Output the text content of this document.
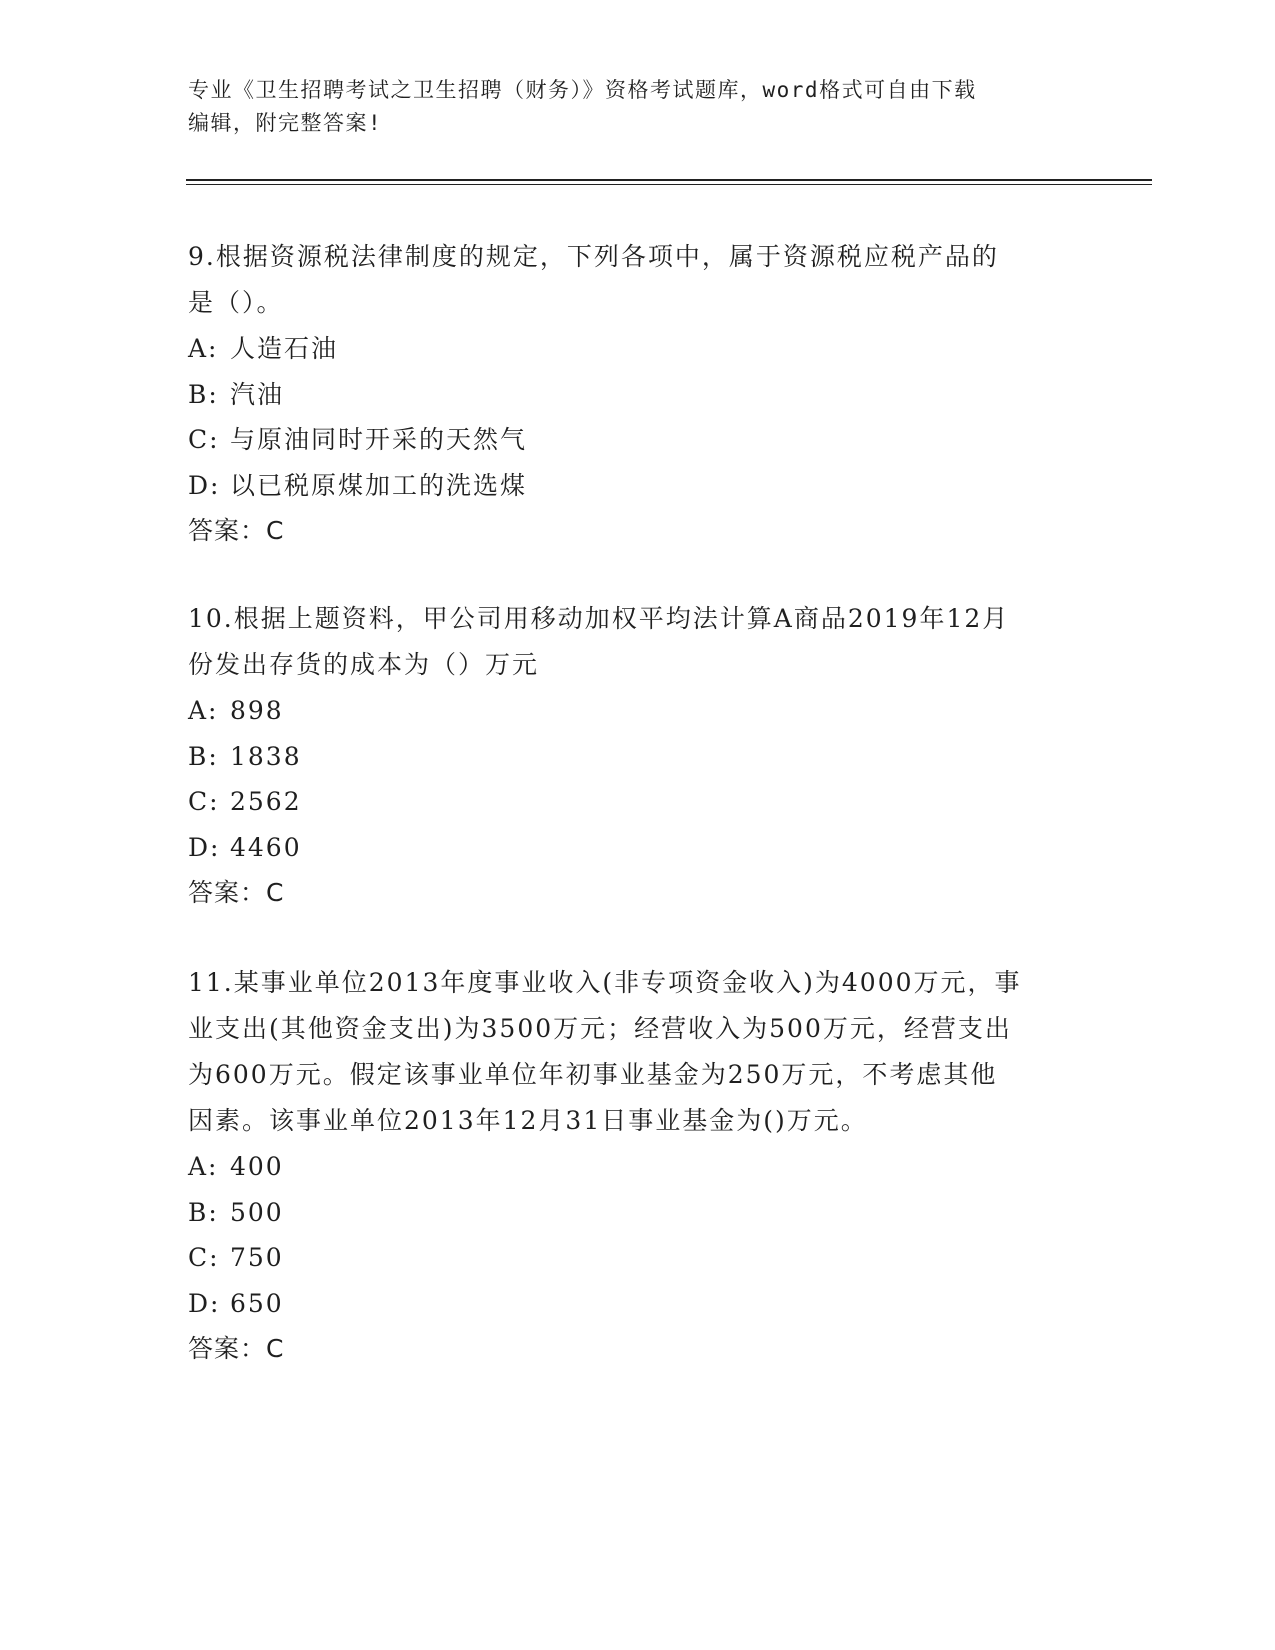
专业《卫生招聘考试之卫生招聘（财务）》资格考试题库，word格式可自由下载
编辑，附完整答案!

9.根据资源税法律制度的规定，下列各项中，属于资源税应税产品的

是（）。

A: 人造石油

B: 汽油

C: 与原油同时开采的天然气

D: 以已税原煤加工的洗选煤

答案：C

10.根据上题资料，甲公司用移动加权平均法计算A商品2019年12月

份发出存货的成本为（）万元

A: 898

B: 1838

C: 2562

D: 4460

答案：C

11.某事业单位2013年度事业收入(非专项资金收入)为4000万元，事

业支出(其他资金支出)为3500万元；经营收入为500万元，经营支出

为600万元。假定该事业单位年初事业基金为250万元，不考虑其他

因素。该事业单位2013年12月31日事业基金为()万元。

A: 400

B: 500

C: 750

D: 650

答案：C
